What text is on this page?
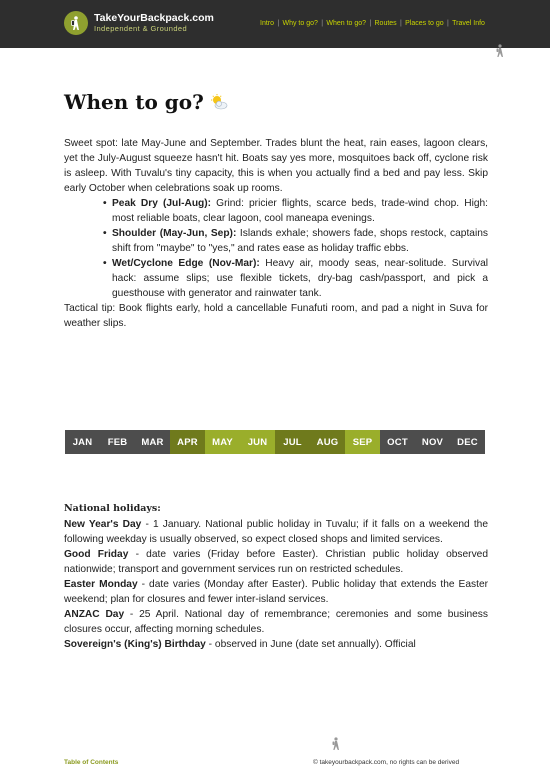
TakeYourBackpack.com
Independent & Grounded
Intro | Why to go? | When to go? | Routes | Places to go | Travel Info
When to go?

Sweet spot: late May-June and September. Trades blunt the heat, rain eases, lagoon clears, yet the July-August squeeze hasn't hit. Boats say yes more, mosquitoes back off, cyclone risk is asleep. With Tuvalu's tiny capacity, this is when you actually find a bed and pay less. Skip early October when celebrations soak up rooms.

• Peak Dry (Jul-Aug): Grind: pricier flights, scarce beds, trade-wind chop. High: most reliable boats, clear lagoon, cool maneapa evenings.
• Shoulder (May-Jun, Sep): Islands exhale; showers fade, shops restock, captains shift from "maybe" to "yes," and rates ease as holiday traffic ebbs.
• Wet/Cyclone Edge (Nov-Mar): Heavy air, moody seas, near-solitude. Survival hack: assume slips; use flexible tickets, dry-bag cash/passport, and pick a guesthouse with generator and rainwater tank.

Tactical tip: Book flights early, hold a cancellable Funafuti room, and pad a night in Suva for weather slips.

JAN	FEB	MAR	APR	MAY	JUN	JUL	AUG	SEP	OCT	NOV	DEC
National holidays:

New Year's Day - 1 January. National public holiday in Tuvalu; if it falls on a weekend the following weekday is usually observed, so expect closed shops and limited services.

Good Friday - date varies (Friday before Easter). Christian public holiday observed nationwide; transport and government services run on restricted schedules.

Easter Monday - date varies (Monday after Easter). Public holiday that extends the Easter weekend; plan for closures and fewer inter-island services.

ANZAC Day - 25 April. National day of remembrance; ceremonies and some business closures occur, affecting morning schedules.

Sovereign's (King's) Birthday - observed in June (date set annually). Official

Table of Contents	© takeyourbackpack.com, no rights can be derived
